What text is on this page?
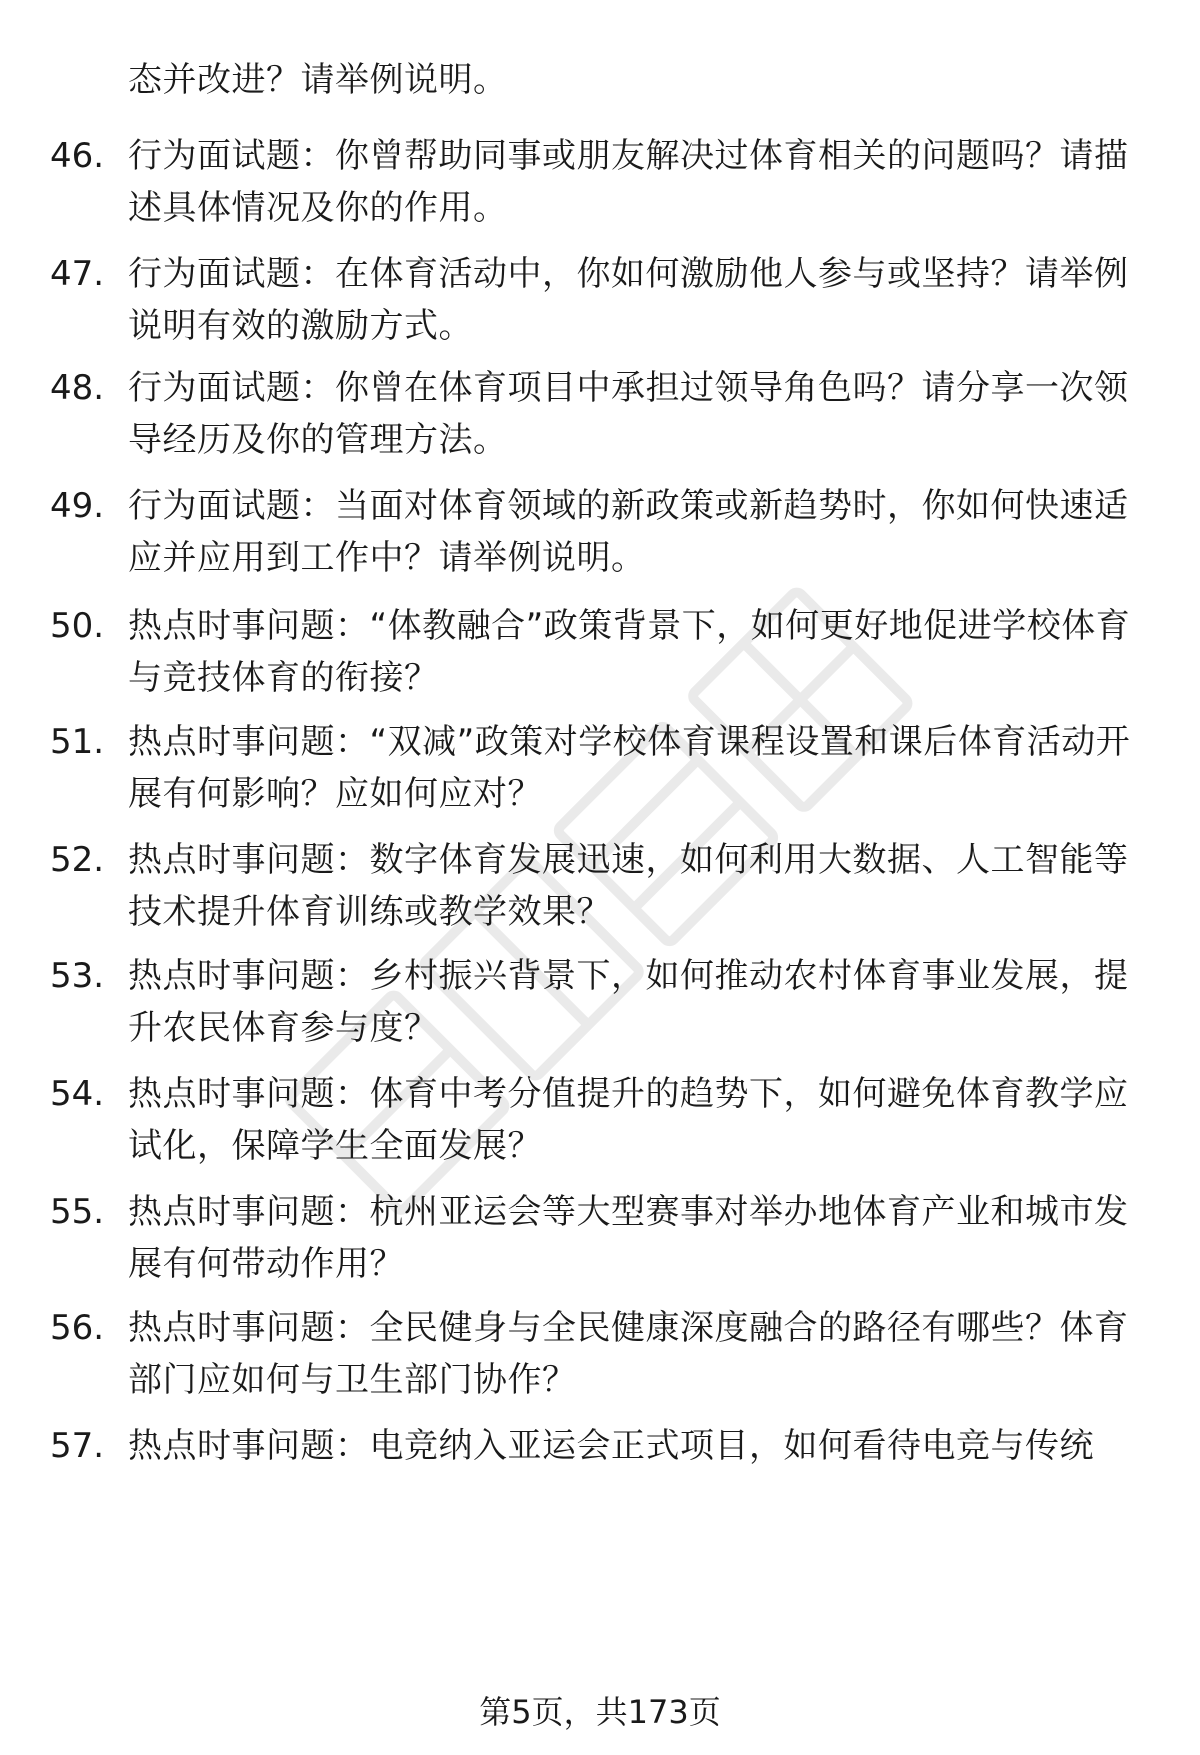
态并改进？请举例说明。
46. 行为面试题：你曾帮助同事或朋友解决过体育相关的问题吗？请描述具体情况及你的作用。
47. 行为面试题：在体育活动中，你如何激励他人参与或坚持？请举例说明有效的激励方式。
48. 行为面试题：你曾在体育项目中承担过领导角色吗？请分享一次领导经历及你的管理方法。
49. 行为面试题：当面对体育领域的新政策或新趋势时，你如何快速适应并应用到工作中？请举例说明。
50. 热点时事问题：“体教融合”政策背景下，如何更好地促进学校体育与竞技体育的衔接？
51. 热点时事问题：“双减”政策对学校体育课程设置和课后体育活动开展有何影响？应如何应对？
52. 热点时事问题：数字体育发展迅速，如何利用大数据、人工智能等技术提升体育训练或教学效果？
53. 热点时事问题：乡村振兴背景下，如何推动农村体育事业发展，提升农民体育参与度？
54. 热点时事问题：体育中考分值提升的趋势下，如何避免体育教学应试化，保障学生全面发展？
55. 热点时事问题：杭州亚运会等大型赛事对举办地体育产业和城市发展有何带动作用？
56. 热点时事问题：全民健身与全民健康深度融合的路径有哪些？体育部门应如何与卫生部门协作？
57. 热点时事问题：电竞纳入亚运会正式项目，如何看待电竞与传统
第5页，共173页
